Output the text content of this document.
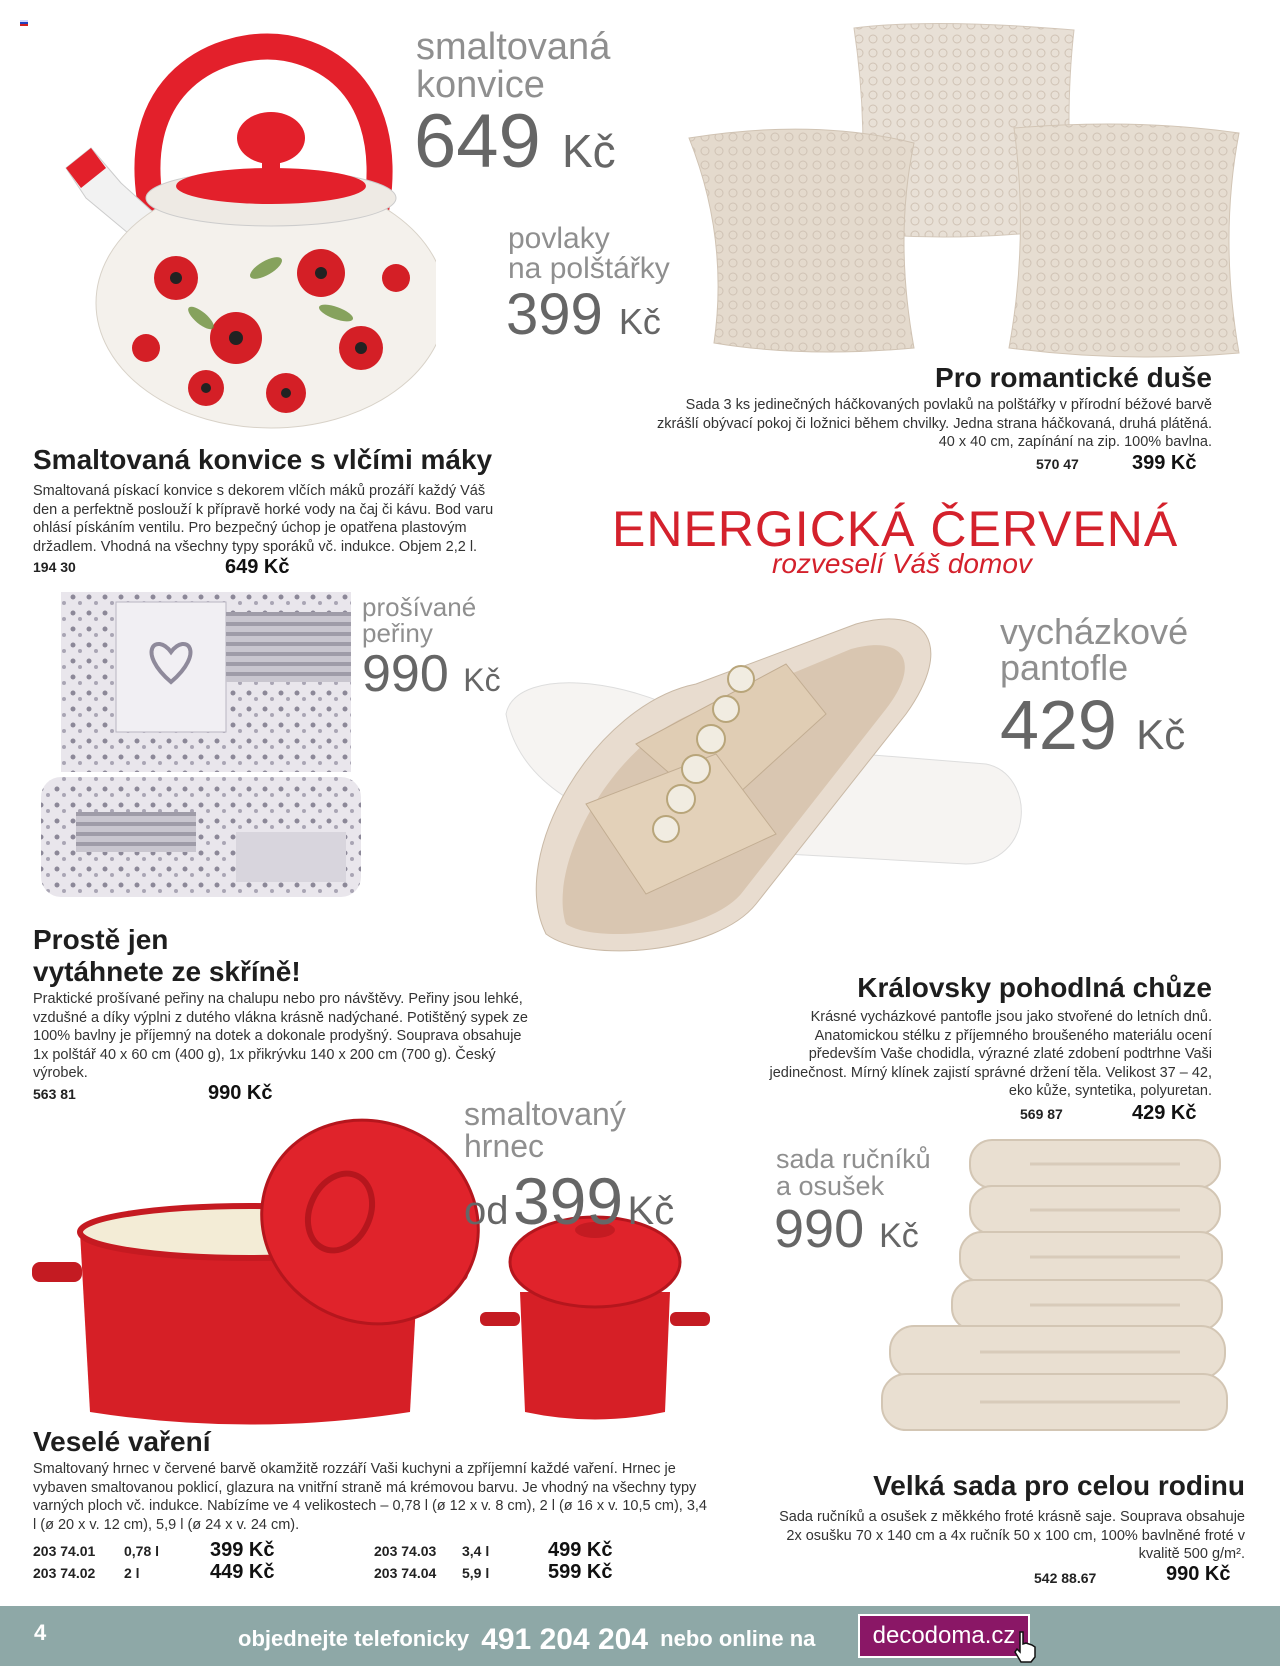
smaltovaná
konvice
649 Kč
Smaltovaná konvice s vlčími máky
Smaltovaná pískací konvice s dekorem vlčích máků prozáří každý Váš den a perfektně poslouží k přípravě horké vody na čaj či kávu. Bod varu ohlásí pískáním ventilu. Pro bezpečný úchop je opatřena plastovým držadlem. Vhodná na všechny typy sporáků vč. indukce. Objem 2,2 l.
194 30	649 Kč
povlaky
na polštářky
399 Kč
Pro romantické duše
Sada 3 ks jedinečných háčkovaných povlaků na polštářky v přírodní béžové barvě zkrášlí obývací pokoj či ložnici během chvilky. Jedna strana háčkovaná, druhá plátěná. 40 x 40 cm, zapínání na zip. 100% bavlna.
570 47	399 Kč
ENERGICKÁ ČERVENÁ
rozveselí Váš domov
prošívané
peřiny
990 Kč
Prostě jen
vytáhnete ze skříně!
Praktické prošívané peřiny na chalupu nebo pro návštěvy. Peřiny jsou lehké, vzdušné a díky výplni z dutého vlákna krásně nadýchané. Potištěný sypek ze 100% bavlny je příjemný na dotek a dokonale prodyšný. Souprava obsahuje 1x polštář 40 x 60 cm (400 g), 1x přikrývku 140 x 200 cm (700 g). Český výrobek.
563 81	990 Kč
vycházkové
pantofle
429 Kč
Královsky pohodlná chůze
Krásné vycházkové pantofle jsou jako stvořené do letních dnů. Anatomickou stélku z příjemného broušeného materiálu ocení především Vaše chodidla, výrazné zlaté zdobení podtrhne Vaši jedinečnost. Mírný klínek zajistí správné držení těla. Velikost 37 – 42, eko kůže, syntetika, polyuretan.
569 87	429 Kč
smaltovaný
hrnec
od 399 Kč
Veselé vaření
Smaltovaný hrnec v červené barvě okamžitě rozzáří Vaši kuchyni a zpříjemní každé vaření. Hrnec je vybaven smaltovanou poklicí, glazura na vnitřní straně má krémovou barvu. Je vhodný na všechny typy varných ploch vč. indukce. Nabízíme ve 4 velikostech – 0,78 l (ø 12 x v. 8 cm), 2 l (ø 16 x v. 10,5 cm), 3,4 l (ø 20 x v. 12 cm), 5,9 l (ø 24 x v. 24 cm).
203 74.01 0,78 l	399 Kč
203 74.02 2 l	449 Kč
203 74.03 3,4 l	499 Kč
203 74.04 5,9 l	599 Kč
sada ručníků
a osušek
990 Kč
Velká sada pro celou rodinu
Sada ručníků a osušek z měkkého froté krásně saje. Souprava obsahuje 2x osušku 70 x 140 cm a 4x ručník 50 x 100 cm, 100% bavlněné froté v kvalitě 500 g/m².
542 88.67	990 Kč
4	objednejte telefonicky 491 204 204 nebo online na	decodoma.cz
